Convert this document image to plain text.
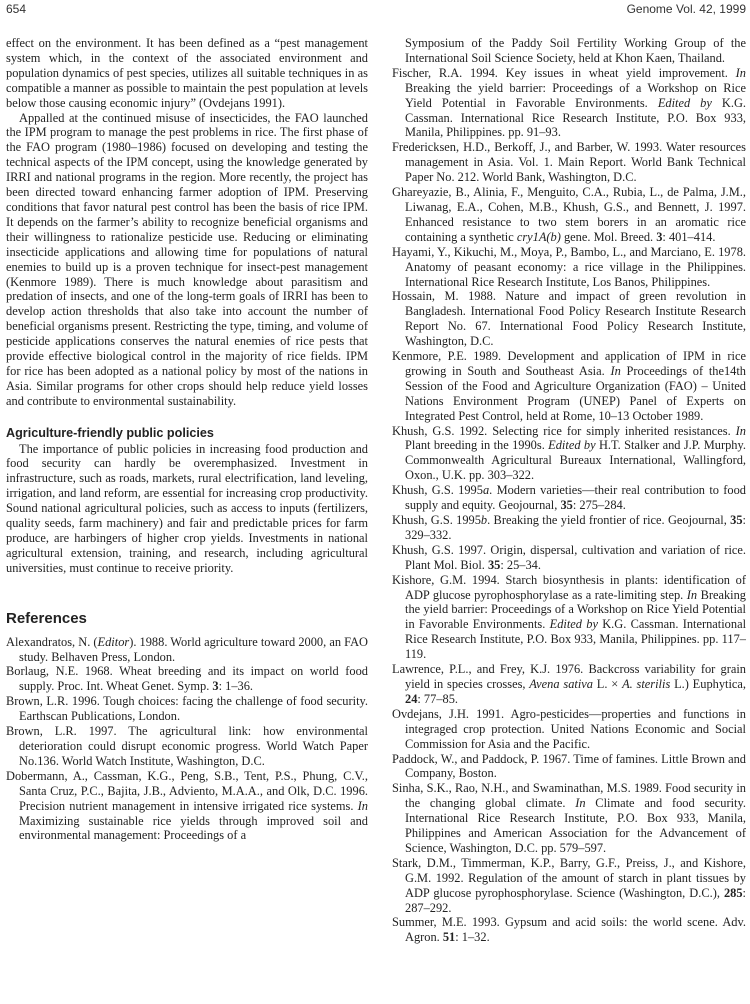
654	Genome Vol. 42, 1999

effect on the environment. It has been defined as a “pest management system which, in the context of the associated environment and population dynamics of pest species, utilizes all suitable techniques in as compatible a manner as possible to maintain the pest population at levels below those causing economic injury” (Ovdejans 1991).

Appalled at the continued misuse of insecticides, the FAO launched the IPM program to manage the pest problems in rice. The first phase of the FAO program (1980–1986) focused on developing and testing the technical aspects of the IPM concept, using the knowledge generated by IRRI and national programs in the region. More recently, the project has been directed toward enhancing farmer adoption of IPM. Preserving conditions that favor natural pest control has been the basis of rice IPM. It depends on the farmer’s ability to recognize beneficial organisms and their willingness to rationalize pesticide use. Reducing or eliminating insecticide applications and allowing time for populations of natural enemies to build up is a proven technique for insect-pest management (Kenmore 1989). There is much knowledge about parasitism and predation of insects, and one of the long-term goals of IRRI has been to develop action thresholds that also take into account the number of beneficial organisms present. Restricting the type, timing, and volume of pesticide applications conserves the natural enemies of rice pests that provide effective biological control in the majority of rice fields. IPM for rice has been adopted as a national policy by most of the nations in Asia. Similar programs for other crops should help reduce yield losses and contribute to environmental sustainability.

Agriculture-friendly public policies

The importance of public policies in increasing food production and food security can hardly be overemphasized. Investment in infrastructure, such as roads, markets, rural electrification, land leveling, irrigation, and land reform, are essential for increasing crop productivity. Sound national agricultural policies, such as access to inputs (fertilizers, quality seeds, farm machinery) and fair and predictable prices for farm produce, are harbingers of higher crop yields. Investments in national agricultural extension, training, and research, including agricultural universities, must continue to receive priority.

References

Alexandratos, N. (Editor). 1988. World agriculture toward 2000, an FAO study. Belhaven Press, London.

Borlaug, N.E. 1968. Wheat breeding and its impact on world food supply. Proc. Int. Wheat Genet. Symp. 3: 1–36.

Brown, L.R. 1996. Tough choices: facing the challenge of food security. Earthscan Publications, London.

Brown, L.R. 1997. The agricultural link: how environmental deterioration could disrupt economic progress. World Watch Paper No.136. World Watch Institute, Washington, D.C.

Dobermann, A., Cassman, K.G., Peng, S.B., Tent, P.S., Phung, C.V., Santa Cruz, P.C., Bajita, J.B., Adviento, M.A.A., and Olk, D.C. 1996. Precision nutrient management in intensive irrigated rice systems. In Maximizing sustainable rice yields through improved soil and environmental management: Proceedings of a

Symposium of the Paddy Soil Fertility Working Group of the International Soil Science Society, held at Khon Kaen, Thailand.

Fischer, R.A. 1994. Key issues in wheat yield improvement. In Breaking the yield barrier: Proceedings of a Workshop on Rice Yield Potential in Favorable Environments. Edited by K.G. Cassman. International Rice Research Institute, P.O. Box 933, Manila, Philippines. pp. 91–93.

Fredericksen, H.D., Berkoff, J., and Barber, W. 1993. Water resources management in Asia. Vol. 1. Main Report. World Bank Technical Paper No. 212. World Bank, Washington, D.C.

Ghareyazie, B., Alinia, F., Menguito, C.A., Rubia, L., de Palma, J.M., Liwanag, E.A., Cohen, M.B., Khush, G.S., and Bennett, J. 1997. Enhanced resistance to two stem borers in an aromatic rice containing a synthetic cry1A(b) gene. Mol. Breed. 3: 401–414.

Hayami, Y., Kikuchi, M., Moya, P., Bambo, L., and Marciano, E. 1978. Anatomy of peasant economy: a rice village in the Philippines. International Rice Research Institute, Los Banos, Philippines.

Hossain, M. 1988. Nature and impact of green revolution in Bangladesh. International Food Policy Research Institute Research Report No. 67. International Food Policy Research Institute, Washington, D.C.

Kenmore, P.E. 1989. Development and application of IPM in rice growing in South and Southeast Asia. In Proceedings of the14th Session of the Food and Agriculture Organization (FAO) – United Nations Environment Program (UNEP) Panel of Experts on Integrated Pest Control, held at Rome, 10–13 October 1989.

Khush, G.S. 1992. Selecting rice for simply inherited resistances. In Plant breeding in the 1990s. Edited by H.T. Stalker and J.P. Murphy. Commonwealth Agricultural Bureaux International, Wallingford, Oxon., U.K. pp. 303–322.

Khush, G.S. 1995a. Modern varieties—their real contribution to food supply and equity. Geojournal, 35: 275–284.

Khush, G.S. 1995b. Breaking the yield frontier of rice. Geojournal, 35: 329–332.

Khush, G.S. 1997. Origin, dispersal, cultivation and variation of rice. Plant Mol. Biol. 35: 25–34.

Kishore, G.M. 1994. Starch biosynthesis in plants: identification of ADP glucose pyrophosphorylase as a rate-limiting step. In Breaking the yield barrier: Proceedings of a Workshop on Rice Yield Potential in Favorable Environments. Edited by K.G. Cassman. International Rice Research Institute, P.O. Box 933, Manila, Philippines. pp. 117–119.

Lawrence, P.L., and Frey, K.J. 1976. Backcross variability for grain yield in species crosses, Avena sativa L. × A. sterilis L.) Euphytica, 24: 77–85.

Ovdejans, J.H. 1991. Agro-pesticides—properties and functions in integraged crop protection. United Nations Economic and Social Commission for Asia and the Pacific.

Paddock, W., and Paddock, P. 1967. Time of famines. Little Brown and Company, Boston.

Sinha, S.K., Rao, N.H., and Swaminathan, M.S. 1989. Food security in the changing global climate. In Climate and food security. International Rice Research Institute, P.O. Box 933, Manila, Philippines and American Association for the Advancement of Science, Washington, D.C. pp. 579–597.

Stark, D.M., Timmerman, K.P., Barry, G.F., Preiss, J., and Kishore, G.M. 1992. Regulation of the amount of starch in plant tissues by ADP glucose pyrophosphorylase. Science (Washington, D.C.), 285: 287–292.

Summer, M.E. 1993. Gypsum and acid soils: the world scene. Adv. Agron. 51: 1–32.
